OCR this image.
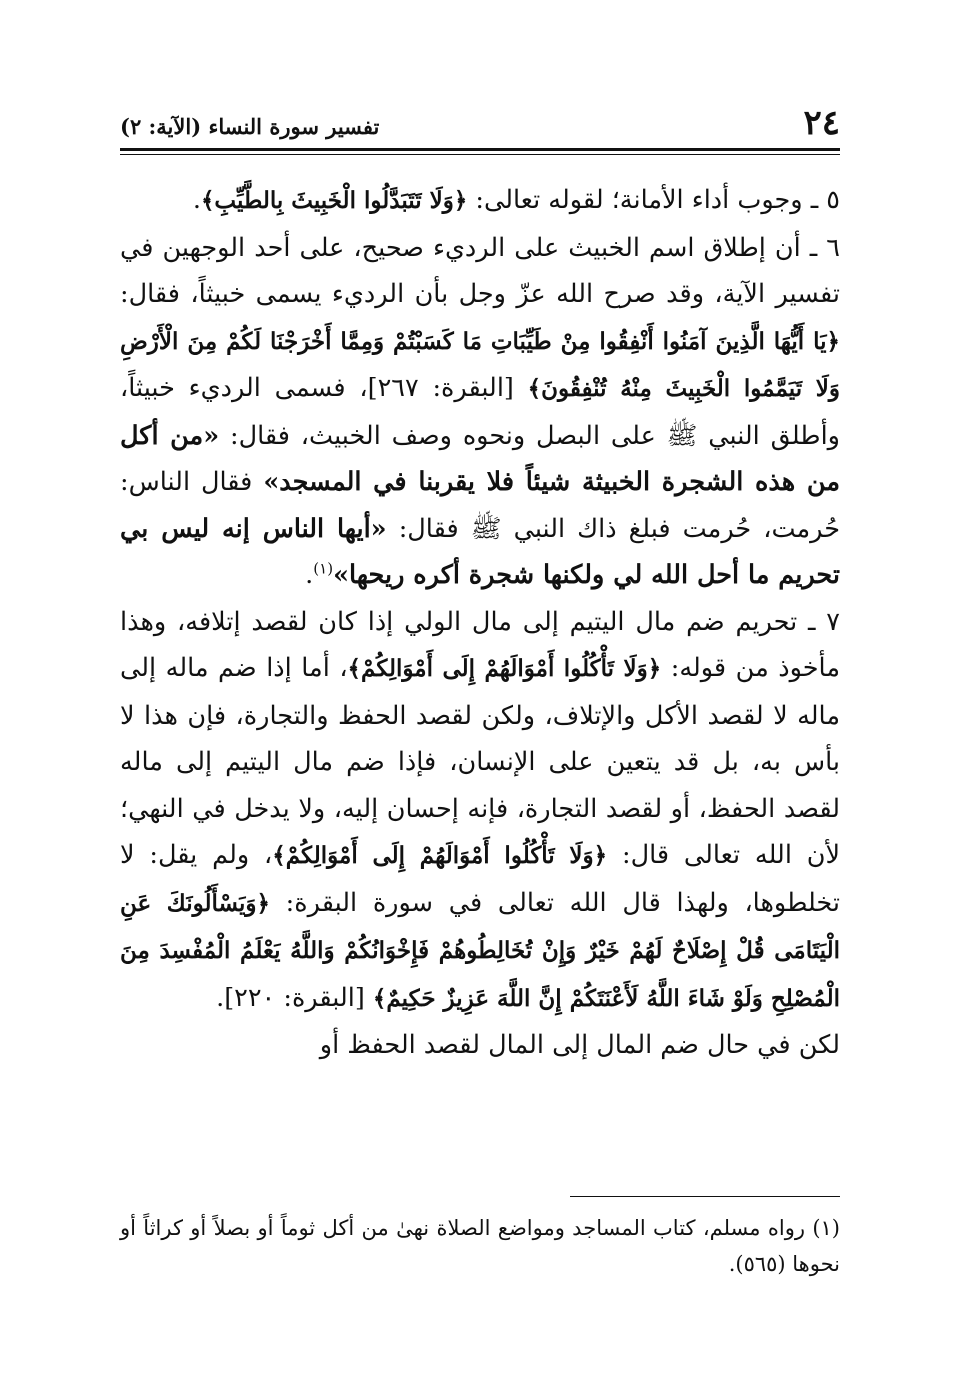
٢٤
تفسير سورة النساء (الآية: ٢)

٥ ـ وجوب أداء الأمانة؛ لقوله تعالى: ﴿وَلَا تَتَبَدَّلُوا الْخَبِيثَ بِالطَّيِّبِ﴾.

٦ ـ أن إطلاق اسم الخبيث على الرديء صحيح، على أحد الوجهين في تفسير الآية، وقد صرح الله عزّ وجل بأن الرديء يسمى خبيثاً، فقال: ﴿يَا أَيُّهَا الَّذِينَ آمَنُوا أَنْفِقُوا مِنْ طَيِّبَاتِ مَا كَسَبْتُمْ وَمِمَّا أَخْرَجْنَا لَكُمْ مِنَ الْأَرْضِ وَلَا تَيَمَّمُوا الْخَبِيثَ مِنْهُ تُنْفِقُونَ﴾ [البقرة: ٢٦٧]، فسمى الرديء خبيثاً، وأطلق النبي ﷺ على البصل ونحوه وصف الخبيث، فقال: «من أكل من هذه الشجرة الخبيثة شيئاً فلا يقربنا في المسجد» فقال الناس: حُرمت، حُرمت فبلغ ذاك النبي ﷺ فقال: «أيها الناس إنه ليس بي تحريم ما أحل الله لي ولكنها شجرة أكره ريحها»$^{(١)}$.

٧ ـ تحريم ضم مال اليتيم إلى مال الولي إذا كان لقصد إتلافه، وهذا مأخوذ من قوله: ﴿وَلَا تَأْكُلُوا أَمْوَالَهُمْ إِلَى أَمْوَالِكُمْ﴾، أما إذا ضم ماله إلى ماله لا لقصد الأكل والإتلاف، ولكن لقصد الحفظ والتجارة، فإن هذا لا بأس به، بل قد يتعين على الإنسان، فإذا ضم مال اليتيم إلى ماله لقصد الحفظ، أو لقصد التجارة، فإنه إحسان إليه، ولا يدخل في النهي؛ لأن الله تعالى قال: ﴿وَلَا تَأْكُلُوا أَمْوَالَهُمْ إِلَى أَمْوَالِكُمْ﴾، ولم يقل: لا تخلطوها، ولهذا قال الله تعالى في سورة البقرة: ﴿وَيَسْأَلُونَكَ عَنِ الْيَتَامَى قُلْ إِصْلَاحٌ لَهُمْ خَيْرٌ وَإِنْ تُخَالِطُوهُمْ فَإِخْوَانُكُمْ وَاللَّهُ يَعْلَمُ الْمُفْسِدَ مِنَ الْمُصْلِحِ وَلَوْ شَاءَ اللَّهُ لَأَعْنَتَكُمْ إِنَّ اللَّهَ عَزِيزٌ حَكِيمٌ﴾ [البقرة: ٢٢٠].

لكن في حال ضم المال إلى المال لقصد الحفظ أو

(١) رواه مسلم، كتاب المساجد ومواضع الصلاة نهىٰ من أكل ثوماً أو بصلاً أو كراثاً أو نحوها (٥٦٥).
